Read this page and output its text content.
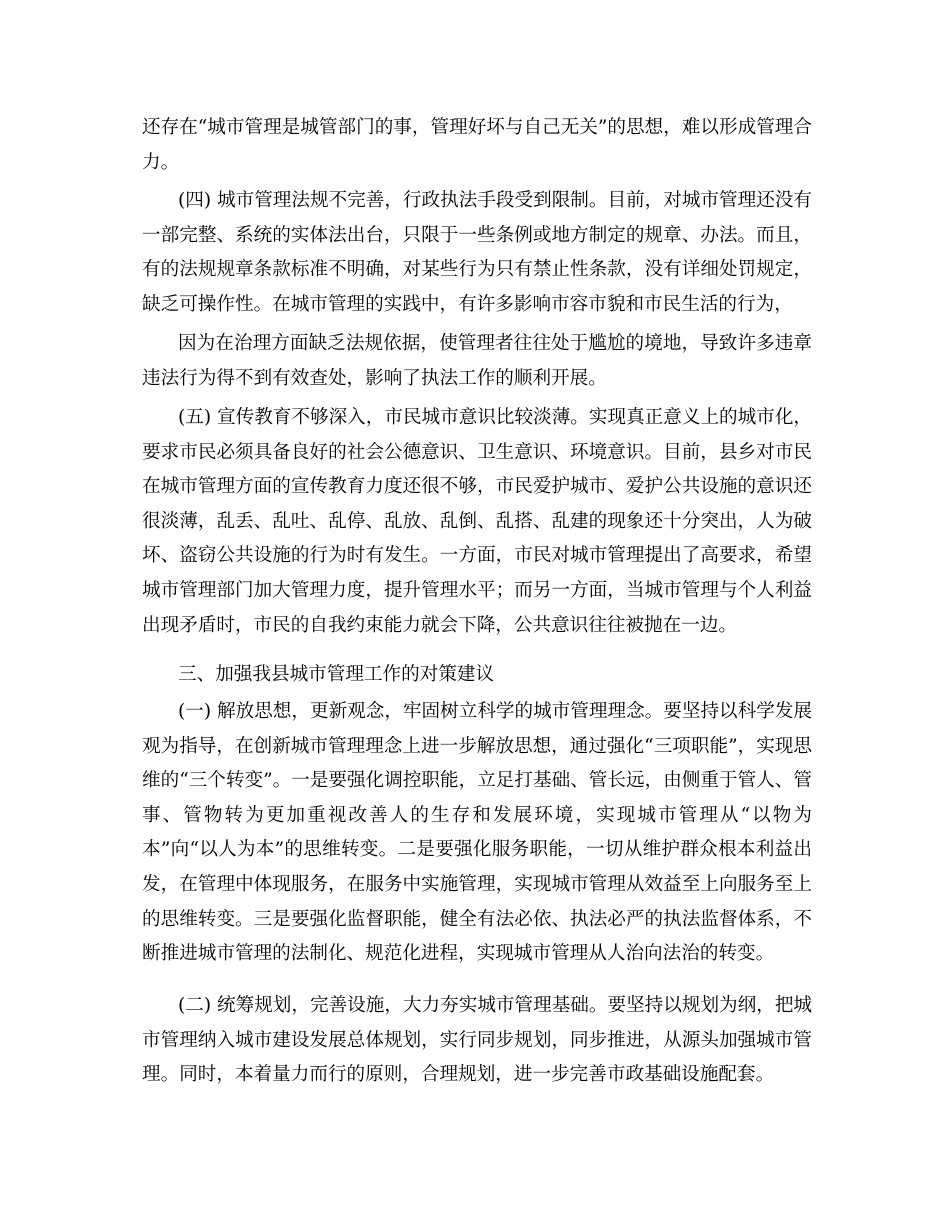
还存在“城市管理是城管部门的事，管理好坏与自己无关”的思想，难以形成管理合力。

(四) 城市管理法规不完善，行政执法手段受到限制。目前，对城市管理还没有一部完整、系统的实体法出台，只限于一些条例或地方制定的规章、办法。而且，有的法规规章条款标准不明确，对某些行为只有禁止性条款，没有详细处罚规定，缺乏可操作性。在城市管理的实践中，有许多影响市容市貌和市民生活的行为，

因为在治理方面缺乏法规依据，使管理者往往处于尴尬的境地，导致许多违章违法行为得不到有效查处，影响了执法工作的顺利开展。

(五) 宣传教育不够深入，市民城市意识比较淡薄。实现真正意义上的城市化，要求市民必须具备良好的社会公德意识、卫生意识、环境意识。目前，县乡对市民在城市管理方面的宣传教育力度还很不够，市民爱护城市、爱护公共设施的意识还很淡薄，乱丢、乱吐、乱停、乱放、乱倒、乱搭、乱建的现象还十分突出，人为破坏、盗窃公共设施的行为时有发生。一方面，市民对城市管理提出了高要求，希望城市管理部门加大管理力度，提升管理水平；而另一方面，当城市管理与个人利益出现矛盾时，市民的自我约束能力就会下降，公共意识往往被抛在一边。

三、加强我县城市管理工作的对策建议

(一) 解放思想，更新观念，牢固树立科学的城市管理理念。要坚持以科学发展观为指导，在创新城市管理理念上进一步解放思想，通过强化“三项职能”，实现思维的“三个转变”。一是要强化调控职能，立足打基础、管长远，由侧重于管人、管事、管物转为更加重视改善人的生存和发展环境，实现城市管理从“以物为本”向“以人为本”的思维转变。二是要强化服务职能，一切从维护群众根本利益出发，在管理中体现服务，在服务中实施管理，实现城市管理从效益至上向服务至上的思维转变。三是要强化监督职能，健全有法必依、执法必严的执法监督体系，不断推进城市管理的法制化、规范化进程，实现城市管理从人治向法治的转变。

(二) 统筹规划，完善设施，大力夯实城市管理基础。要坚持以规划为纲，把城市管理纳入城市建设发展总体规划，实行同步规划，同步推进，从源头加强城市管理。同时，本着量力而行的原则，合理规划，进一步完善市政基础设施配套。
